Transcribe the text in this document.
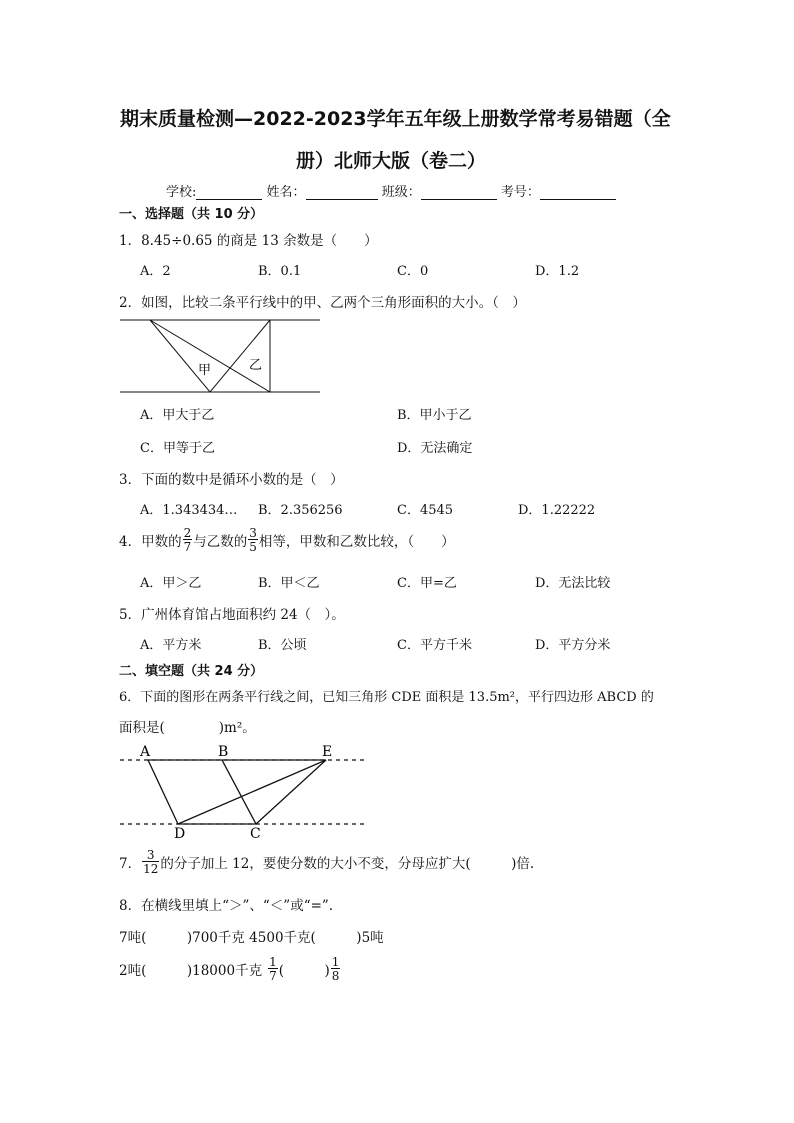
期末质量检测—2022-2023学年五年级上册数学常考易错题（全
册）北师大版（卷二）
学校:	姓名：	班级：	考号：
一、选择题（共 10 分）
1．8.45÷0.65 的商是 13 余数是（　　）
A．2	B．0.1	C．0	D．1.2
2．如图，比较二条平行线中的甲、乙两个三角形面积的大小。（　）
甲	乙
A．甲大于乙	B．甲小于乙
C．甲等于乙	D．无法确定
3．下面的数中是循环小数的是（　）
A．1.343434… B．2.356256	C．4545	D．1.22222
4．甲数的 $\frac{2}{7}$ 与乙数的 $\frac{3}{5}$ 相等，甲数和乙数比较，（　　）
A．甲＞乙	B．甲＜乙	C．甲=乙	D．无法比较
5．广州体育馆占地面积约 24（　）。
A．平方米	B．公顷	C．平方千米	D．平方分米
二、填空题（共 24 分）
6．下面的图形在两条平行线之间，已知三角形 CDE 面积是 13.5m²，平行四边形 ABCD 的
面积是(　　　　)m²。
A	B	E
D	C
7． $\frac{3}{12}$ 的分子加上 12，要使分数的大小不变，分母应扩大(　　　)倍.
8．在横线里填上“＞”、“＜”或“=”.
7吨(　　　)700千克 4500千克(　　　)5吨
2吨(　　　)18000千克 $\frac{1}{7}$ (　　　) $\frac{1}{8}$
